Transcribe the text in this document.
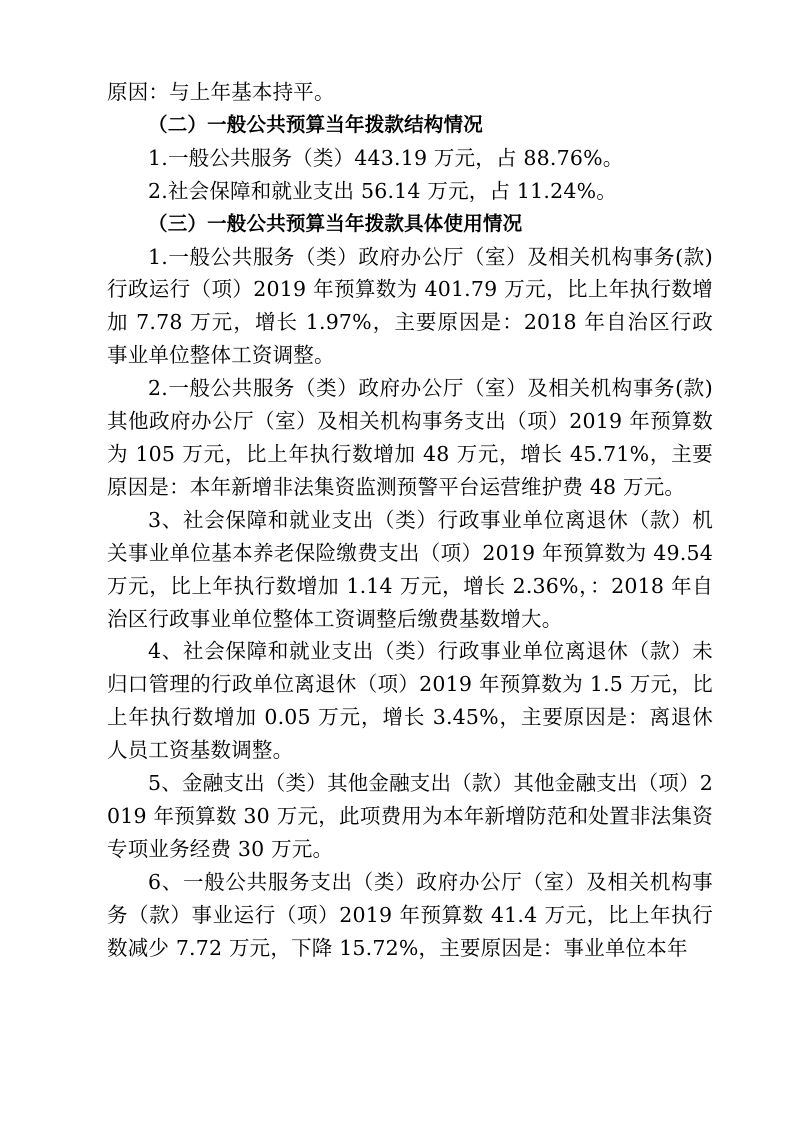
原因：与上年基本持平。

（二）一般公共预算当年拨款结构情况

1.一般公共服务（类）443.19 万元，占 88.76%。

2.社会保障和就业支出 56.14 万元，占 11.24%。

（三）一般公共预算当年拨款具体使用情况

1.一般公共服务（类）政府办公厅（室）及相关机构事务(款)行政运行（项）2019 年预算数为 401.79 万元，比上年执行数增加 7.78 万元，增长 1.97%，主要原因是：2018 年自治区行政事业单位整体工资调整。

2.一般公共服务（类）政府办公厅（室）及相关机构事务(款)其他政府办公厅（室）及相关机构事务支出（项）2019 年预算数为 105 万元，比上年执行数增加 48 万元，增长 45.71%，主要原因是：本年新增非法集资监测预警平台运营维护费 48 万元。

3、社会保障和就业支出（类）行政事业单位离退休（款）机关事业单位基本养老保险缴费支出（项）2019 年预算数为 49.54 万元，比上年执行数增加 1.14 万元，增长 2.36%，：2018 年自治区行政事业单位整体工资调整后缴费基数增大。

4、社会保障和就业支出（类）行政事业单位离退休（款）未归口管理的行政单位离退休（项）2019 年预算数为 1.5 万元，比上年执行数增加 0.05 万元，增长 3.45%，主要原因是：离退休人员工资基数调整。

5、金融支出（类）其他金融支出（款）其他金融支出（项）2019 年预算数 30 万元，此项费用为本年新增防范和处置非法集资专项业务经费 30 万元。

6、一般公共服务支出（类）政府办公厅（室）及相关机构事务（款）事业运行（项）2019 年预算数 41.4 万元，比上年执行数减少 7.72 万元，下降 15.72%，主要原因是：事业单位本年
